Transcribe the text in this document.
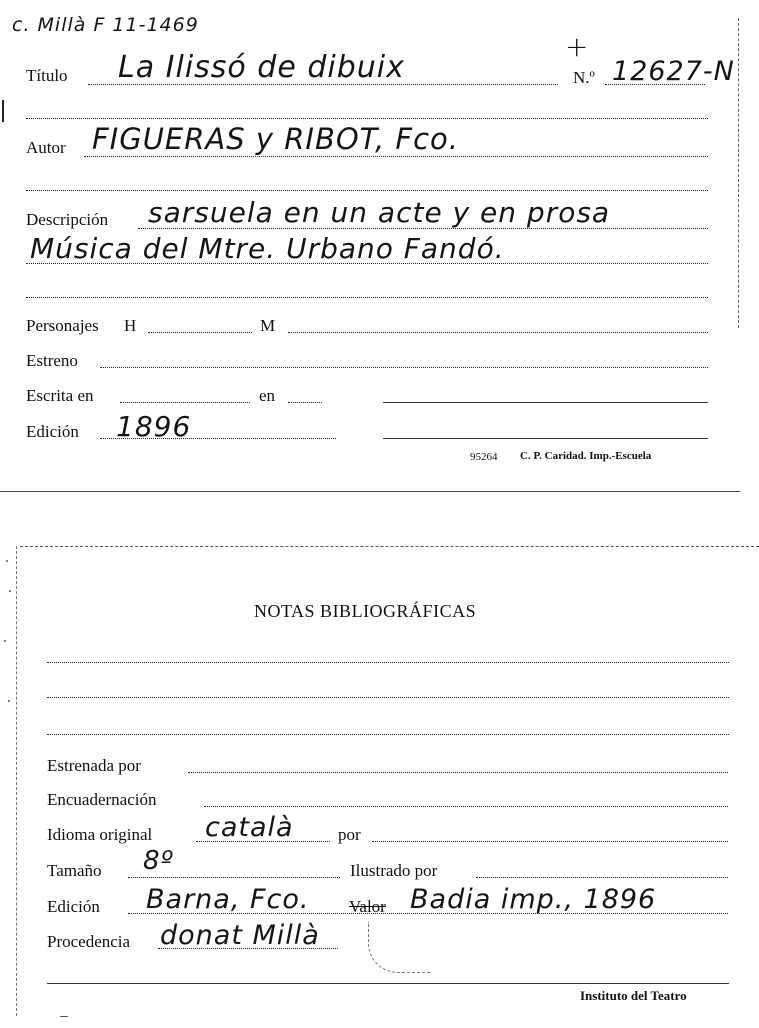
c. Millà F 11-1469
Título La Ilissó de dibuix
+
N.º 12627-N
Autor FIGUERAS y RIBOT, Fco.
Descripción sarsuela en un acte y en prosa
Música del Mtre. Urbano Fandó.
Personajes H	M
Estreno
Escrita en	en
Edición 1896
95264 C. P. Caridad. Imp.-Escuela
NOTAS BIBLIOGRÁFICAS
Estrenada por
Encuadernación
Idioma original català	por
Tamaño 8º	Ilustrado por
Edición Barna, Fco. Valor Badia imp., 1896
Procedencia donat Millà
Instituto del Teatro
